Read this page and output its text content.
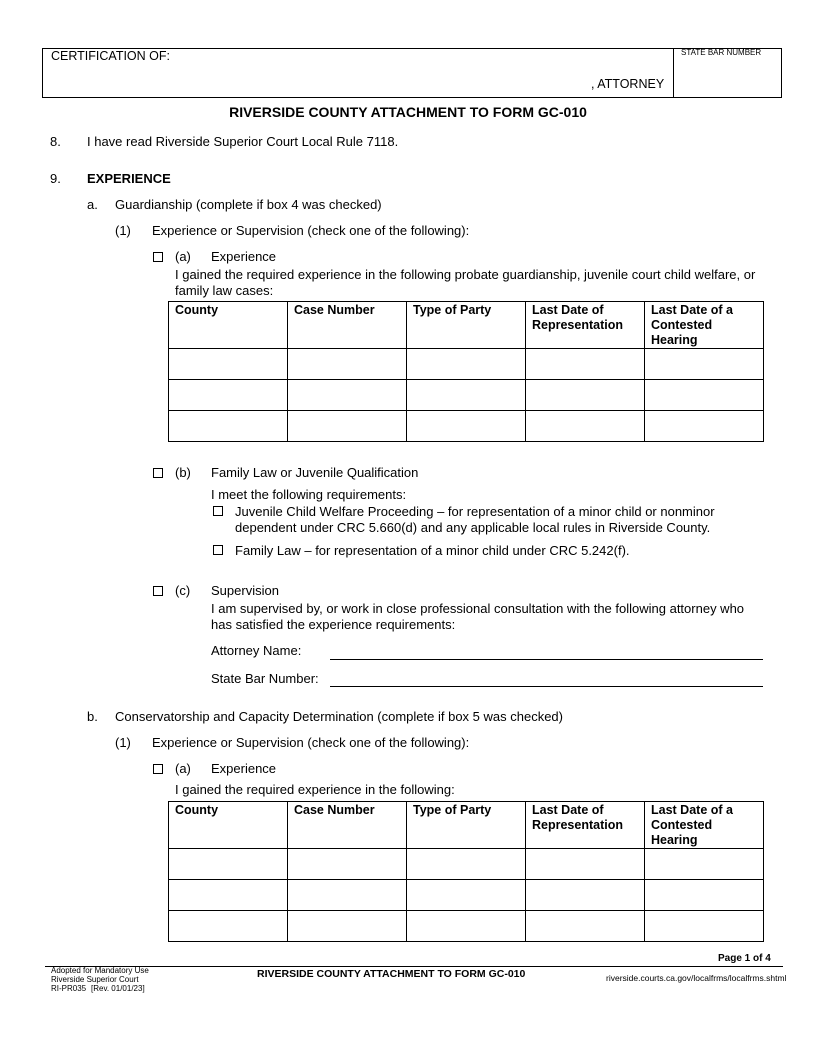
CERTIFICATION OF:
, ATTORNEY
STATE BAR NUMBER
RIVERSIDE COUNTY ATTACHMENT TO FORM GC-010
8. I have read Riverside Superior Court Local Rule 7118.
9. EXPERIENCE
a. Guardianship (complete if box 4 was checked)
(1) Experience or Supervision (check one of the following):
(a) Experience
I gained the required experience in the following probate guardianship, juvenile court child welfare, or
family law cases:
County	Case Number	Type of Party	Last Date of Representation	Last Date of a Contested Hearing

(b) Family Law or Juvenile Qualification
I meet the following requirements:
Juvenile Child Welfare Proceeding – for representation of a minor child or nonminor
dependent under CRC 5.660(d) and any applicable local rules in Riverside County.
Family Law – for representation of a minor child under CRC 5.242(f).
(c) Supervision
I am supervised by, or work in close professional consultation with the following attorney who
has satisfied the experience requirements:
Attorney Name:
State Bar Number:
b. Conservatorship and Capacity Determination (complete if box 5 was checked)
(1) Experience or Supervision (check one of the following):
(a) Experience
I gained the required experience in the following:
County	Case Number	Type of Party	Last Date of Representation	Last Date of a Contested Hearing

Page 1 of 4
Adopted for Mandatory Use
Riverside Superior Court
RI-PR035 [Rev. 01/01/23]
RIVERSIDE COUNTY ATTACHMENT TO FORM GC-010	riverside.courts.ca.gov/localfrms/localfrms.shtml
